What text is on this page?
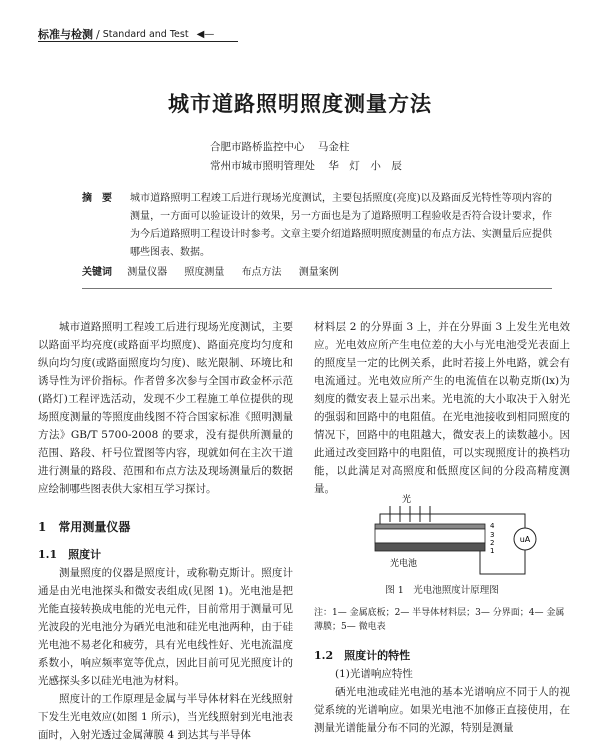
标准与检测 / Standard and Test ◀—
城市道路照明照度测量方法
合肥市路桥监控中心 马金柱
常州市城市照明管理处 华　灯　小　辰
摘　要 城市道路照明工程竣工后进行现场光度测试，主要包括照度(亮度)以及路面反光特性等项内容的测量，一方面可以验证设计的效果，另一方面也是为了道路照明工程验收是否符合设计要求，作为今后道路照明工程设计时参考。文章主要介绍道路照明照度测量的布点方法、实测量后应提供哪些图表、数据。
关键词 测量仪器 照度测量 布点方法 测量案例

城市道路照明工程竣工后进行现场光度测试，主要以路面平均亮度(或路面平均照度)、路面亮度均匀度和纵向均匀度(或路面照度均匀度)、眩光限制、环境比和诱导性为评价指标。作者曾多次参与全国市政金杯示范(路灯)工程评选活动，发现不少工程施工单位提供的现场照度测量的等照度曲线图不符合国家标准《照明测量方法》GB/T 5700-2008 的要求，没有提供所测量的范围、路段、杆号位置图等内容，现就如何在主次干道进行测量的路段、范围和布点方法及现场测量后的数据应绘制哪些图表供大家相互学习探讨。

1　常用测量仪器
1.1　照度计

测量照度的仪器是照度计，或称勒克斯计。照度计通是由光电池探头和微安表组成(见图 1)。光电池是把光能直接转换成电能的光电元件，目前常用于测量可见光波段的光电池分为硒光电池和硅光电池两种，由于硅光电池不易老化和疲劳，具有光电线性好、光电流温度系数小，响应频率宽等优点，因此目前可见光照度计的光感探头多以硅光电池为材料。

照度计的工作原理是金属与半导体材料在光线照射下发生光电效应(如图 1 所示)，当光线照射到光电池表面时，入射光透过金属薄膜 4 到达其与半导体

材料层 2 的分界面 3 上，并在分界面 3 上发生光电效应。光电效应所产生电位差的大小与光电池受光表面上的照度呈一定的比例关系，此时若接上外电路，就会有电流通过。光电效应所产生的电流值在以勒克斯(lx)为刻度的微安表上显示出来。光电流的大小取决于入射光的强弱和回路中的电阻值。在光电池接收到相同照度的情况下，回路中的电阻越大，微安表上的读数越小。因此通过改变回路中的电阻值，可以实现照度计的换档功能，以此满足对高照度和低照度区间的分段高精度测量。

光
光电池
4
3
2
1
uA
图 1　光电池照度计原理图
注：1— 金属底板；2— 半导体材料层；3— 分界面；4— 金属薄膜；5— 微电表
1.2　照度计的特性

(1)光谱响应特性

硒光电池或硅光电池的基本光谱响应不同于人的视觉系统的光谱响应。如果光电池不加修正直接使用，在测量光谱能量分布不同的光源，特别是测量
